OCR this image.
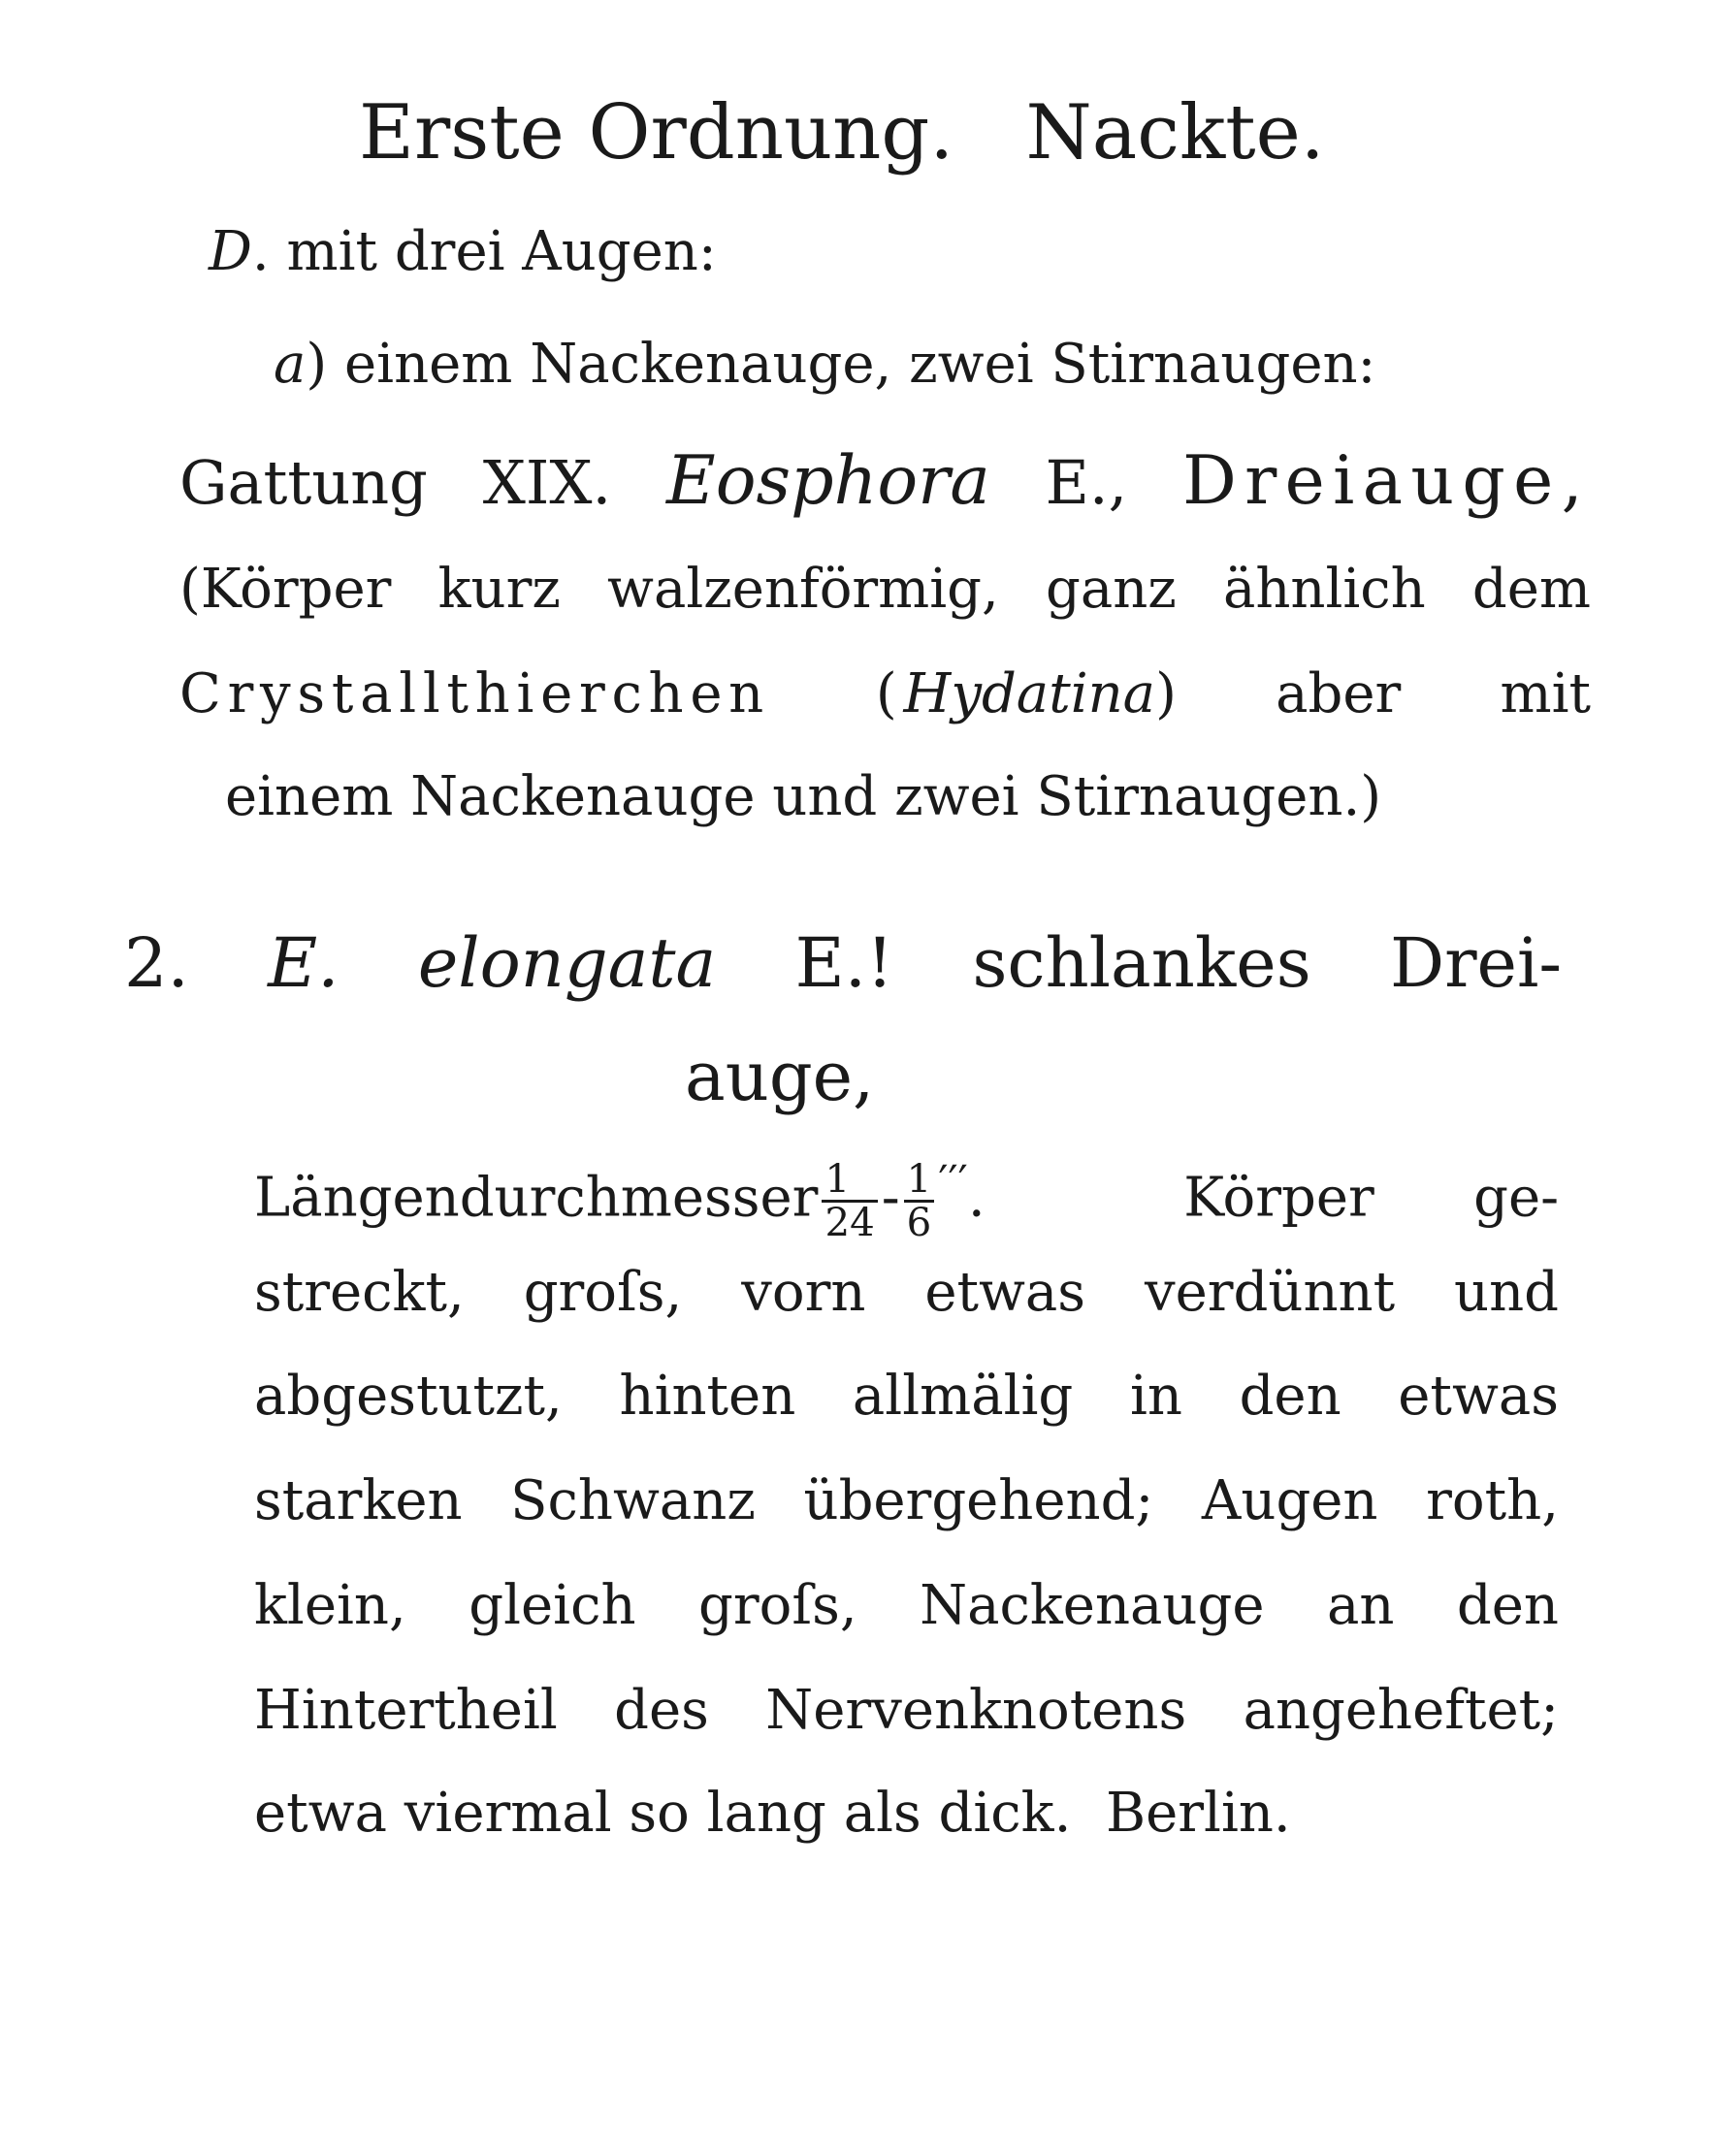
Erste Ordnung.   Nackte.
D. mit drei Augen:
a) einem Nackenauge, zwei Stirnaugen:
Gattung XIX. Eosphora E., Dreiauge,
(Körper kurz walzenförmig, ganz ähnlich dem
Crystallthierchen (Hydatina) aber mit
einem Nackenauge und zwei Stirnaugen.)
2. E. elongata E.! schlankes Drei-
auge,
Längendurchmesser $\frac{1}{24} - \frac{1}{6} '''$.  Körper ge-
streckt, groſs, vorn etwas verdünnt und
abgestutzt, hinten allmälig in den etwas
starken Schwanz übergehend; Augen roth,
klein, gleich groſs, Nackenauge an den
Hintertheil des Nervenknotens angeheftet;
etwa viermal so lang als dick.  Berlin.
